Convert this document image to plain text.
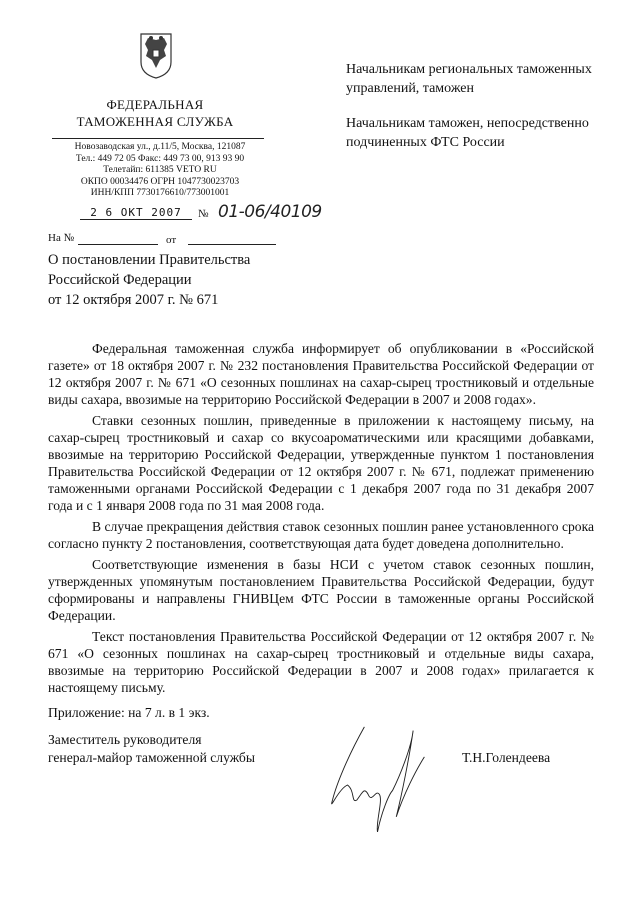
ФЕДЕРАЛЬНАЯ
ТАМОЖЕННАЯ СЛУЖБА
Новозаводская ул., д.11/5, Москва, 121087
Тел.: 449 72 05 Факс: 449 73 00, 913 93 90
Телетайп: 611385 VETO RU
ОКПО 00034476 ОГРН 1047730023703
ИНН/КПП 7730176610/773001001
2 6 ОКТ 2007	№ 01-06/40109
На №	от
О постановлении Правительства
Российской Федерации
от 12 октября 2007 г. № 671

Начальникам региональных таможенных управлений, таможен

Начальникам таможен, непосредственно подчиненных ФТС России

Федеральная таможенная служба информирует об опубликовании в «Российской газете» от 18 октября 2007 г. № 232 постановления Правительства Российской Федерации от 12 октября 2007 г. № 671 «О сезонных пошлинах на сахар-сырец тростниковый и отдельные виды сахара, ввозимые на территорию Российской Федерации в 2007 и 2008 годах».

Ставки сезонных пошлин, приведенные в приложении к настоящему письму, на сахар-сырец тростниковый и сахар со вкусоароматическими или красящими добавками, ввозимые на территорию Российской Федерации, утвержденные пунктом 1 постановления Правительства Российской Федерации от 12 октября 2007 г. № 671, подлежат применению таможенными органами Российской Федерации с 1 декабря 2007 года по 31 декабря 2007 года и с 1 января 2008 года по 31 мая 2008 года.

В случае прекращения действия ставок сезонных пошлин ранее установленного срока согласно пункту 2 постановления, соответствующая дата будет доведена дополнительно.

Соответствующие изменения в базы НСИ с учетом ставок сезонных пошлин, утвержденных упомянутым постановлением Правительства Российской Федерации, будут сформированы и направлены ГНИВЦем ФТС России в таможенные органы Российской Федерации.

Текст постановления Правительства Российской Федерации от 12 октября 2007 г. № 671 «О сезонных пошлинах на сахар-сырец тростниковый и отдельные виды сахара, ввозимые на территорию Российской Федерации в 2007 и 2008 годах» прилагается к настоящему письму.

Приложение: на 7 л. в 1 экз.
Заместитель руководителя
генерал-майор таможенной службы	Т.Н.Голендеева
